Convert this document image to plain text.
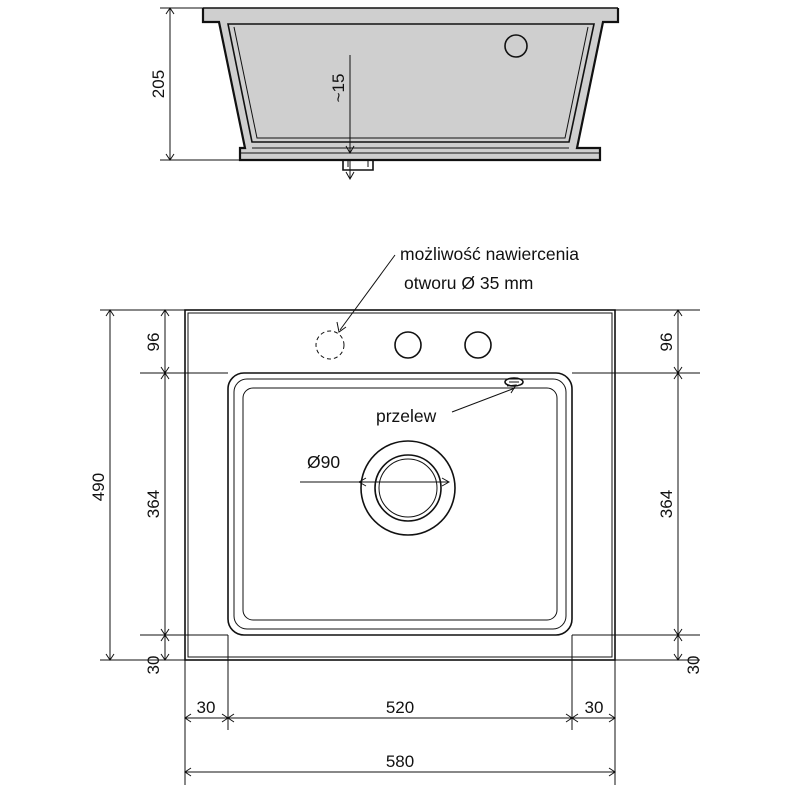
205	~15
możliwość nawiercenia
otworu Ø 35 mm
przelew
Ø90
96
364
30
490
96
364
30
30	520	30
580
